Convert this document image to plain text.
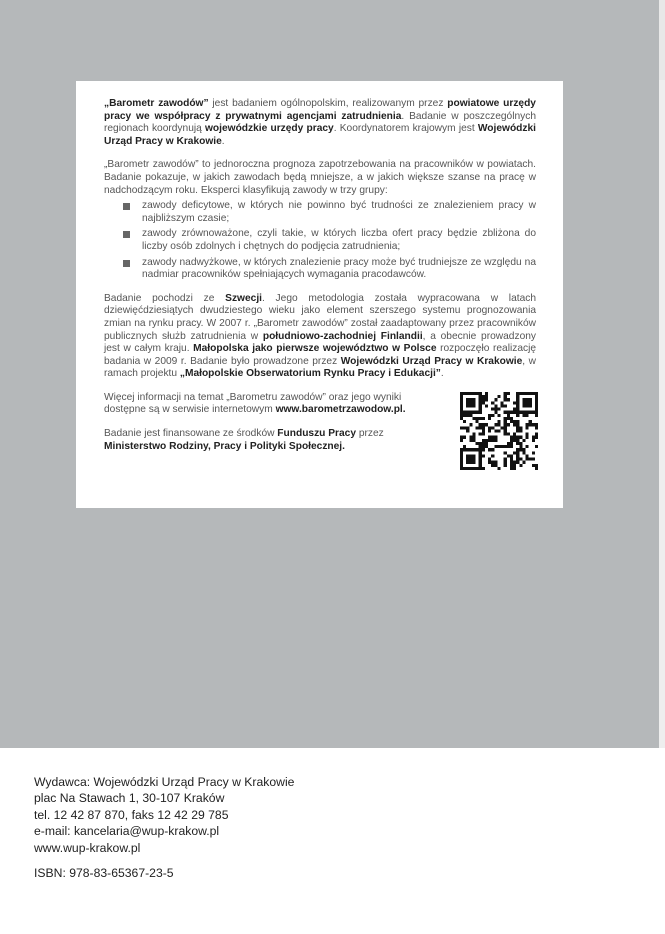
„Barometr zawodów” jest badaniem ogólnopolskim, realizowanym przez powiatowe urzędy pracy we współpracy z prywatnymi agencjami zatrudnienia. Badanie w poszczególnych regionach koordynują wojewódzkie urzędy pracy. Koordynatorem krajowym jest Wojewódzki Urząd Pracy w Krakowie.

„Barometr zawodów” to jednoroczna prognoza zapotrzebowania na pracowników w powiatach. Badanie pokazuje, w jakich zawodach będą mniejsze, a w jakich większe szanse na pracę w nadchodzącym roku. Eksperci klasyfikują zawody w trzy grupy:

zawody deficytowe, w których nie powinno być trudności ze znalezieniem pracy w najbliższym czasie;
zawody zrównoważone, czyli takie, w których liczba ofert pracy będzie zbliżona do liczby osób zdolnych i chętnych do podjęcia zatrudnienia;
zawody nadwyżkowe, w których znalezienie pracy może być trudniejsze ze względu na nadmiar pracowników spełniających wymagania pracodawców.

Badanie pochodzi ze Szwecji. Jego metodologia została wypracowana w latach dziewięćdziesiątych dwudziestego wieku jako element szerszego systemu prognozowania zmian na rynku pracy. W 2007 r. „Barometr zawodów” został zaadaptowany przez pracowników publicznych służb zatrudnienia w południowo-zachodniej Finlandii, a obecnie prowadzony jest w całym kraju. Małopolska jako pierwsze województwo w Polsce rozpoczęło realizację badania w 2009 r. Badanie było prowadzone przez Wojewódzki Urząd Pracy w Krakowie, w ramach projektu „Małopolskie Obserwatorium Rynku Pracy i Edukacji”.

Więcej informacji na temat „Barometru zawodów” oraz jego wyniki dostępne są w serwisie internetowym www.barometrzawodow.pl.

Badanie jest finansowane ze środków Funduszu Pracy przez Ministerstwo Rodziny, Pracy i Polityki Społecznej.

Wydawca: Wojewódzki Urząd Pracy w Krakowie
plac Na Stawach 1, 30-107 Kraków
tel. 12 42 87 870, faks 12 42 29 785
e-mail: kancelaria@wup-krakow.pl
www.wup-krakow.pl
ISBN: 978-83-65367-23-5
